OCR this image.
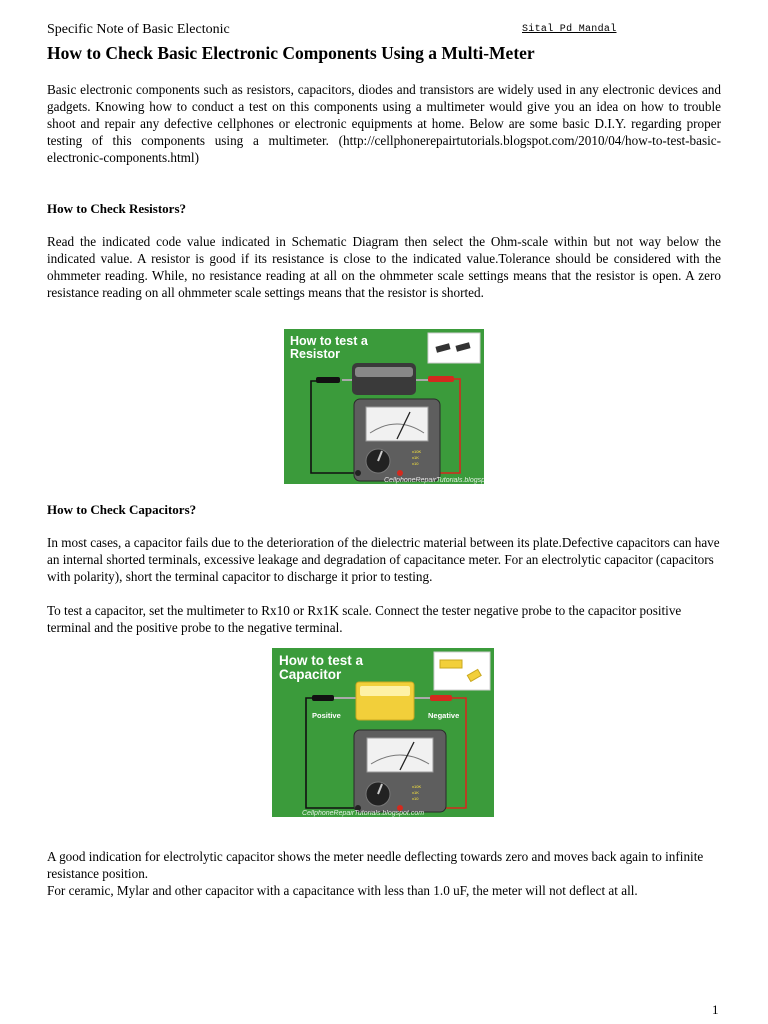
Specific Note of Basic Electonic	Sital Pd Mandal
How to Check Basic Electronic Components Using a Multi-Meter

Basic electronic components such as resistors, capacitors, diodes and transistors are widely used in any electronic devices and gadgets. Knowing how to conduct a test on this components using a multimeter would give you an idea on how to trouble shoot and repair any defective cellphones or electronic equipments at home. Below are some basic D.I.Y. regarding proper testing of this components using a multimeter. (http://cellphonerepairtutorials.blogspot.com/2010/04/how-to-test-basic-electronic-components.html)

How to Check Resistors?

Read the indicated code value indicated in Schematic Diagram then select the Ohm-scale within but not way below the indicated value. A resistor is good if its resistance is close to the indicated value.Tolerance should be considered with the ohmmeter reading. While, no resistance reading at all on the ohmmeter scale settings means that the resistor is open. A zero resistance reading on all ohmmeter scale settings means that the resistor is shorted.

How to test a
Resistor
x10K
x1K
x10
CellphoneRepairTutorials.blogspot.com
How to Check Capacitors?

In most cases, a capacitor fails due to the deterioration of the dielectric material between its plate.Defective capacitors can have an internal shorted terminals, excessive leakage and degradation of capacitance meter. For an electrolytic capacitor (capacitors with polarity), short the terminal capacitor to discharge it prior to testing.

To test a capacitor, set the multimeter to Rx10 or Rx1K scale. Connect the tester negative probe to the capacitor positive terminal and the positive probe to the negative terminal.

How to test a
Capacitor
Positive	Negative
x10K
x1K
x10
CellphoneRepairTutorials.blogspot.com

A good indication for electrolytic capacitor shows the meter needle deflecting towards zero and moves back again to infinite resistance position.

For ceramic, Mylar and other capacitor with a capacitance with less than 1.0 uF, the meter will not deflect at all.

1
